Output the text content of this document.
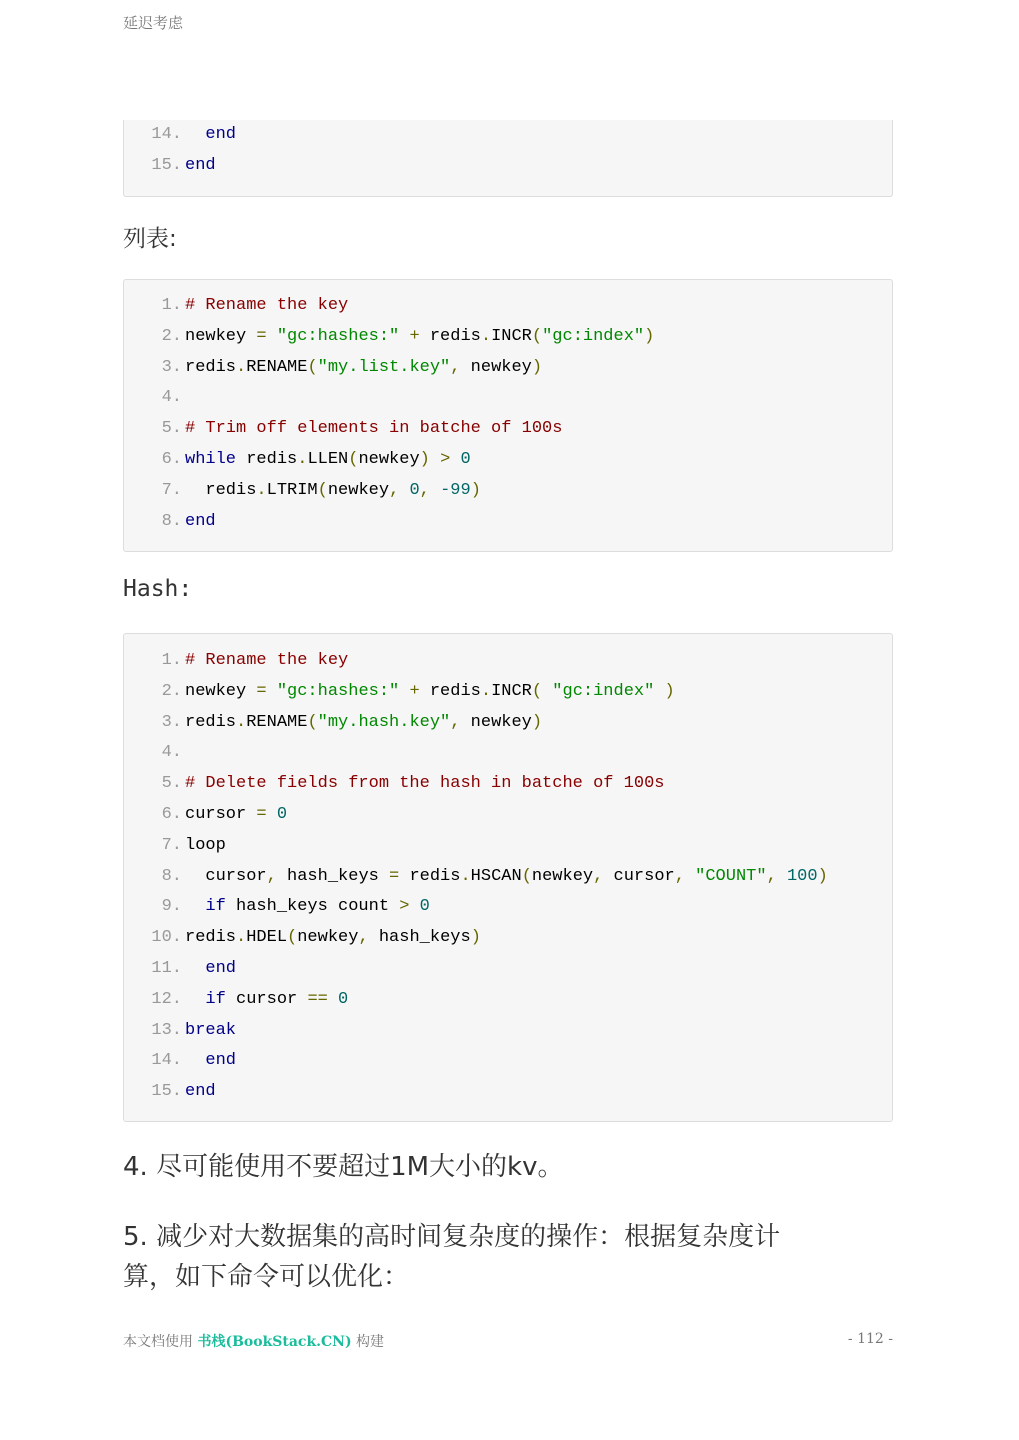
延迟考虑
14.	end
15. end
列表:
1. # Rename the key
2. newkey = "gc:hashes:" + redis.INCR("gc:index")
3. redis.RENAME("my.list.key", newkey)
4.
5. # Trim off elements in batche of 100s
6. while redis.LLEN(newkey) > 0
7. redis.LTRIM(newkey, 0, -99)
8. end
Hash:
1. # Rename the key
2. newkey = "gc:hashes:" + redis.INCR( "gc:index" )
3. redis.RENAME("my.hash.key", newkey)
4.
5. # Delete fields from the hash in batche of 100s
6. cursor = 0
7. loop
8. cursor, hash_keys = redis.HSCAN(newkey, cursor, "COUNT", 100)
9.	if hash_keys count > 0
10. redis.HDEL(newkey, hash_keys)
11.	end
12.	if cursor == 0
13. break
14.	end
15. end
4. 尽可能使用不要超过1M大小的kv。
5. 减少对大数据集的高时间复杂度的操作：根据复杂度计
算，如下命令可以优化：
本文档使用 书栈(BookStack.CN) 构建	- 112 -
